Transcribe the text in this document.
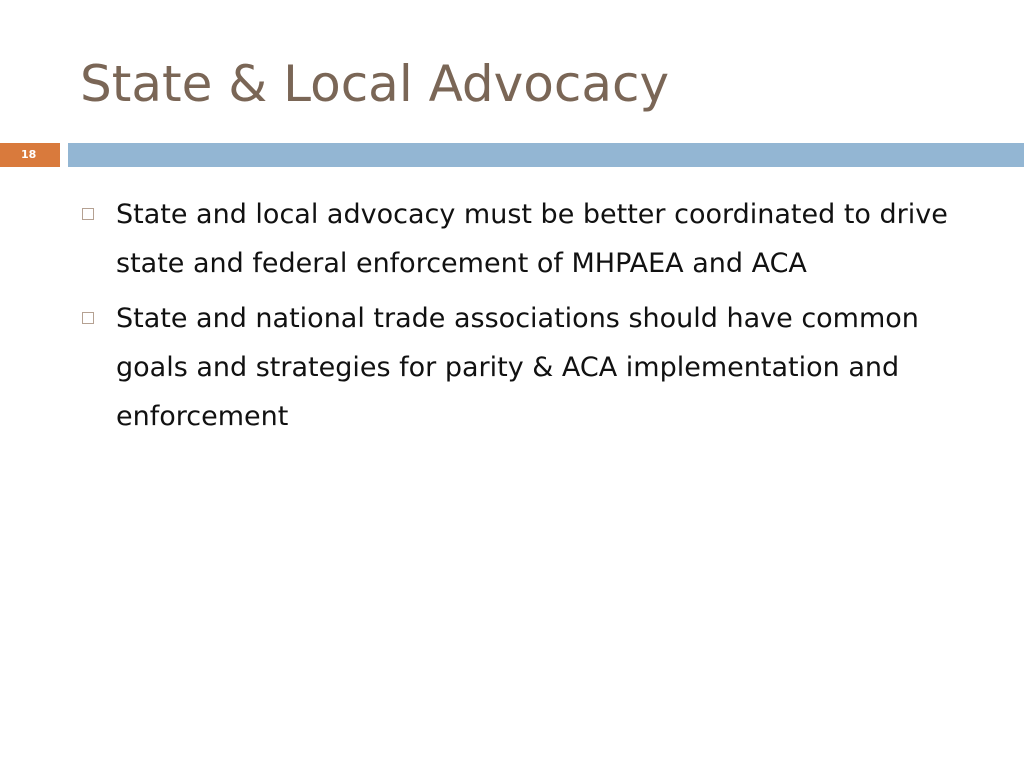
State & Local Advocacy
18
State and local advocacy must be better coordinated to drive state and federal enforcement of MHPAEA and ACA
State and national trade associations should have common goals and strategies for parity & ACA implementation and enforcement
